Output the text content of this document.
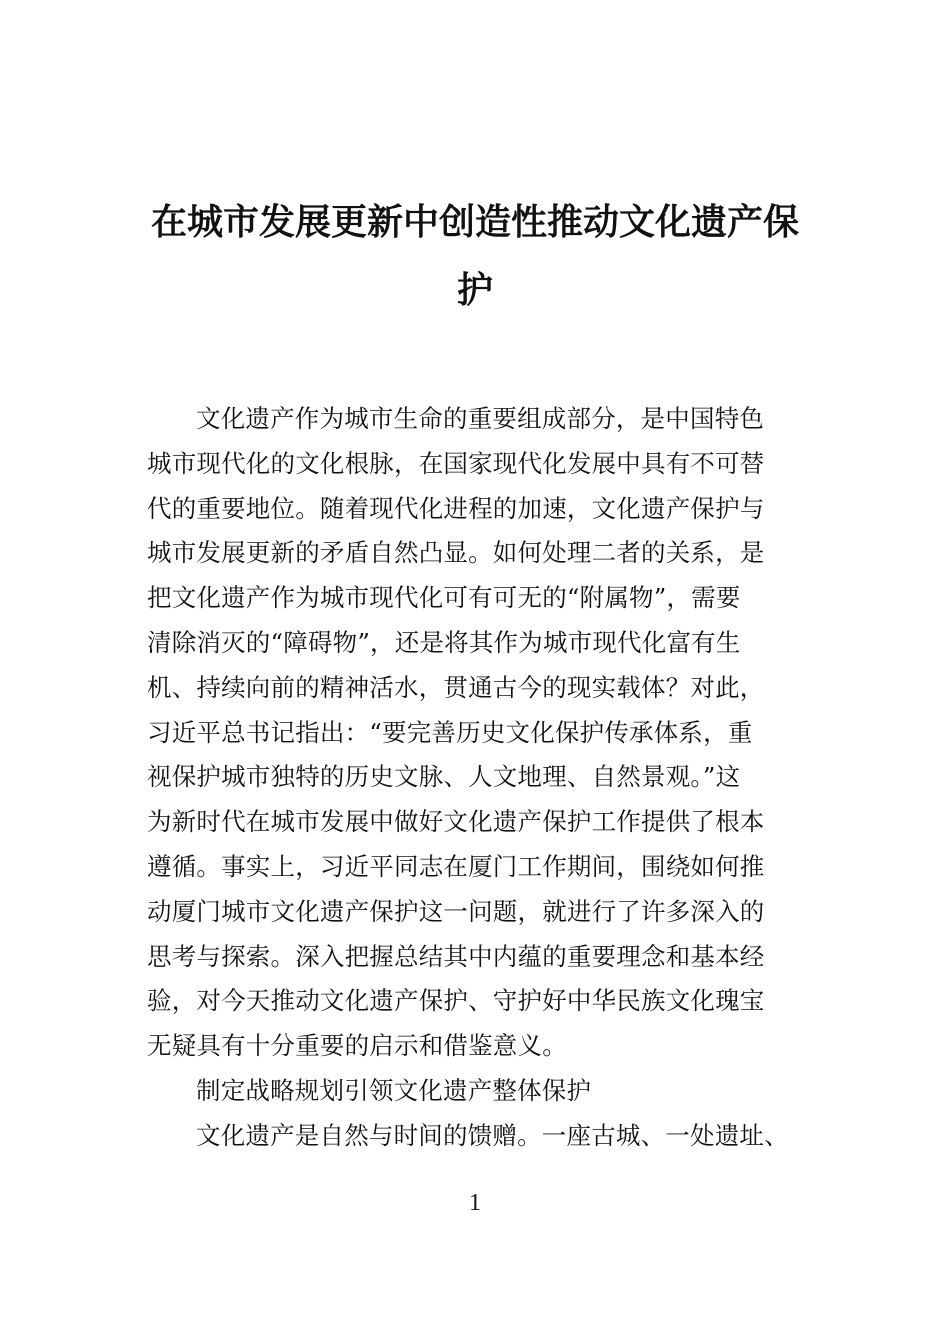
在城市发展更新中创造性推动文化遗产保
护

文化遗产作为城市生命的重要组成部分，是中国特色
城市现代化的文化根脉，在国家现代化发展中具有不可替
代的重要地位。随着现代化进程的加速，文化遗产保护与
城市发展更新的矛盾自然凸显。如何处理二者的关系，是
把文化遗产作为城市现代化可有可无的“附属物”，需要
清除消灭的“障碍物”，还是将其作为城市现代化富有生
机、持续向前的精神活水，贯通古今的现实载体？对此，
习近平总书记指出：“要完善历史文化保护传承体系，重
视保护城市独特的历史文脉、人文地理、自然景观。”这
为新时代在城市发展中做好文化遗产保护工作提供了根本
遵循。事实上，习近平同志在厦门工作期间，围绕如何推
动厦门城市文化遗产保护这一问题，就进行了许多深入的
思考与探索。深入把握总结其中内蕴的重要理念和基本经
验，对今天推动文化遗产保护、守护好中华民族文化瑰宝
无疑具有十分重要的启示和借鉴意义。

制定战略规划引领文化遗产整体保护

文化遗产是自然与时间的馈赠。一座古城、一处遗址、

1
